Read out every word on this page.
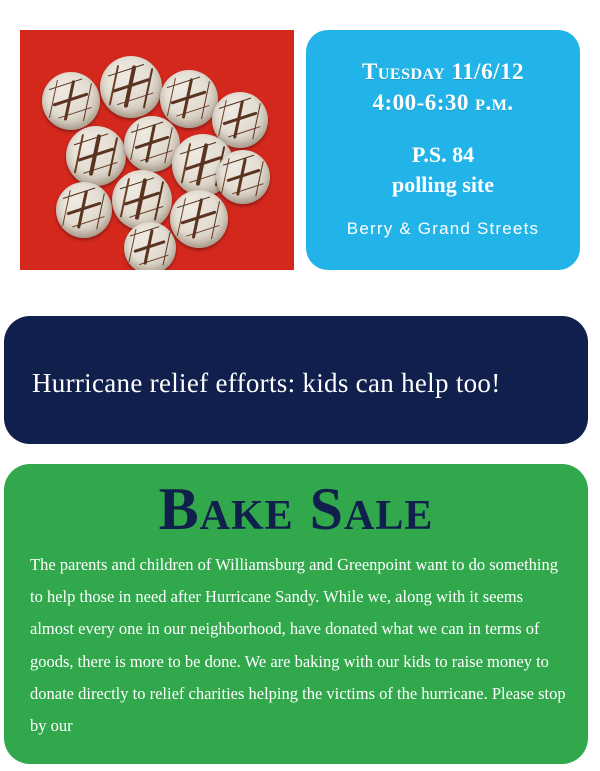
Tuesday 11/6/12
4:00-6:30 p.m.
P.S. 84
polling site
Berry & Grand Streets
Hurricane relief efforts: kids can help too!
Bake Sale
The parents and children of Williamsburg and Greenpoint want to do something to help those in need after Hurricane Sandy. While we, along with it seems almost every one in our neighborhood, have donated what we can in terms of goods, there is more to be done. We are baking with our kids to raise money to donate directly to relief charities helping the victims of the hurricane. Please stop by our
